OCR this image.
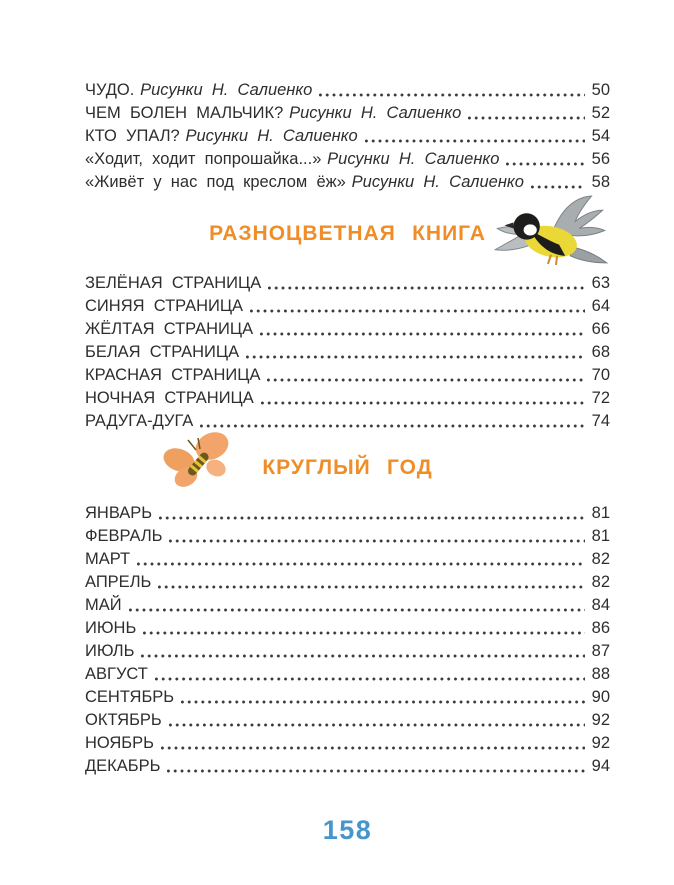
ЧУДО. Рисунки Н. Салиенко	50
ЧЕМ БОЛЕН МАЛЬЧИК? Рисунки Н. Салиенко	52
КТО УПАЛ? Рисунки Н. Салиенко	54
«Ходит, ходит попрошайка...» Рисунки Н. Салиенко	56
«Живёт у нас под креслом ёж» Рисунки Н. Салиенко	58
РАЗНОЦВЕТНАЯ КНИГА
ЗЕЛЁНАЯ СТРАНИЦА	63
СИНЯЯ СТРАНИЦА	64
ЖЁЛТАЯ СТРАНИЦА	66
БЕЛАЯ СТРАНИЦА	68
КРАСНАЯ СТРАНИЦА	70
НОЧНАЯ СТРАНИЦА	72
РАДУГА-ДУГА	74
КРУГЛЫЙ ГОД
ЯНВАРЬ	81
ФЕВРАЛЬ	81
МАРТ	82
АПРЕЛЬ	82
МАЙ	84
ИЮНЬ	86
ИЮЛЬ	87
АВГУСТ	88
СЕНТЯБРЬ	90
ОКТЯБРЬ	92
НОЯБРЬ	92
ДЕКАБРЬ	94
158
